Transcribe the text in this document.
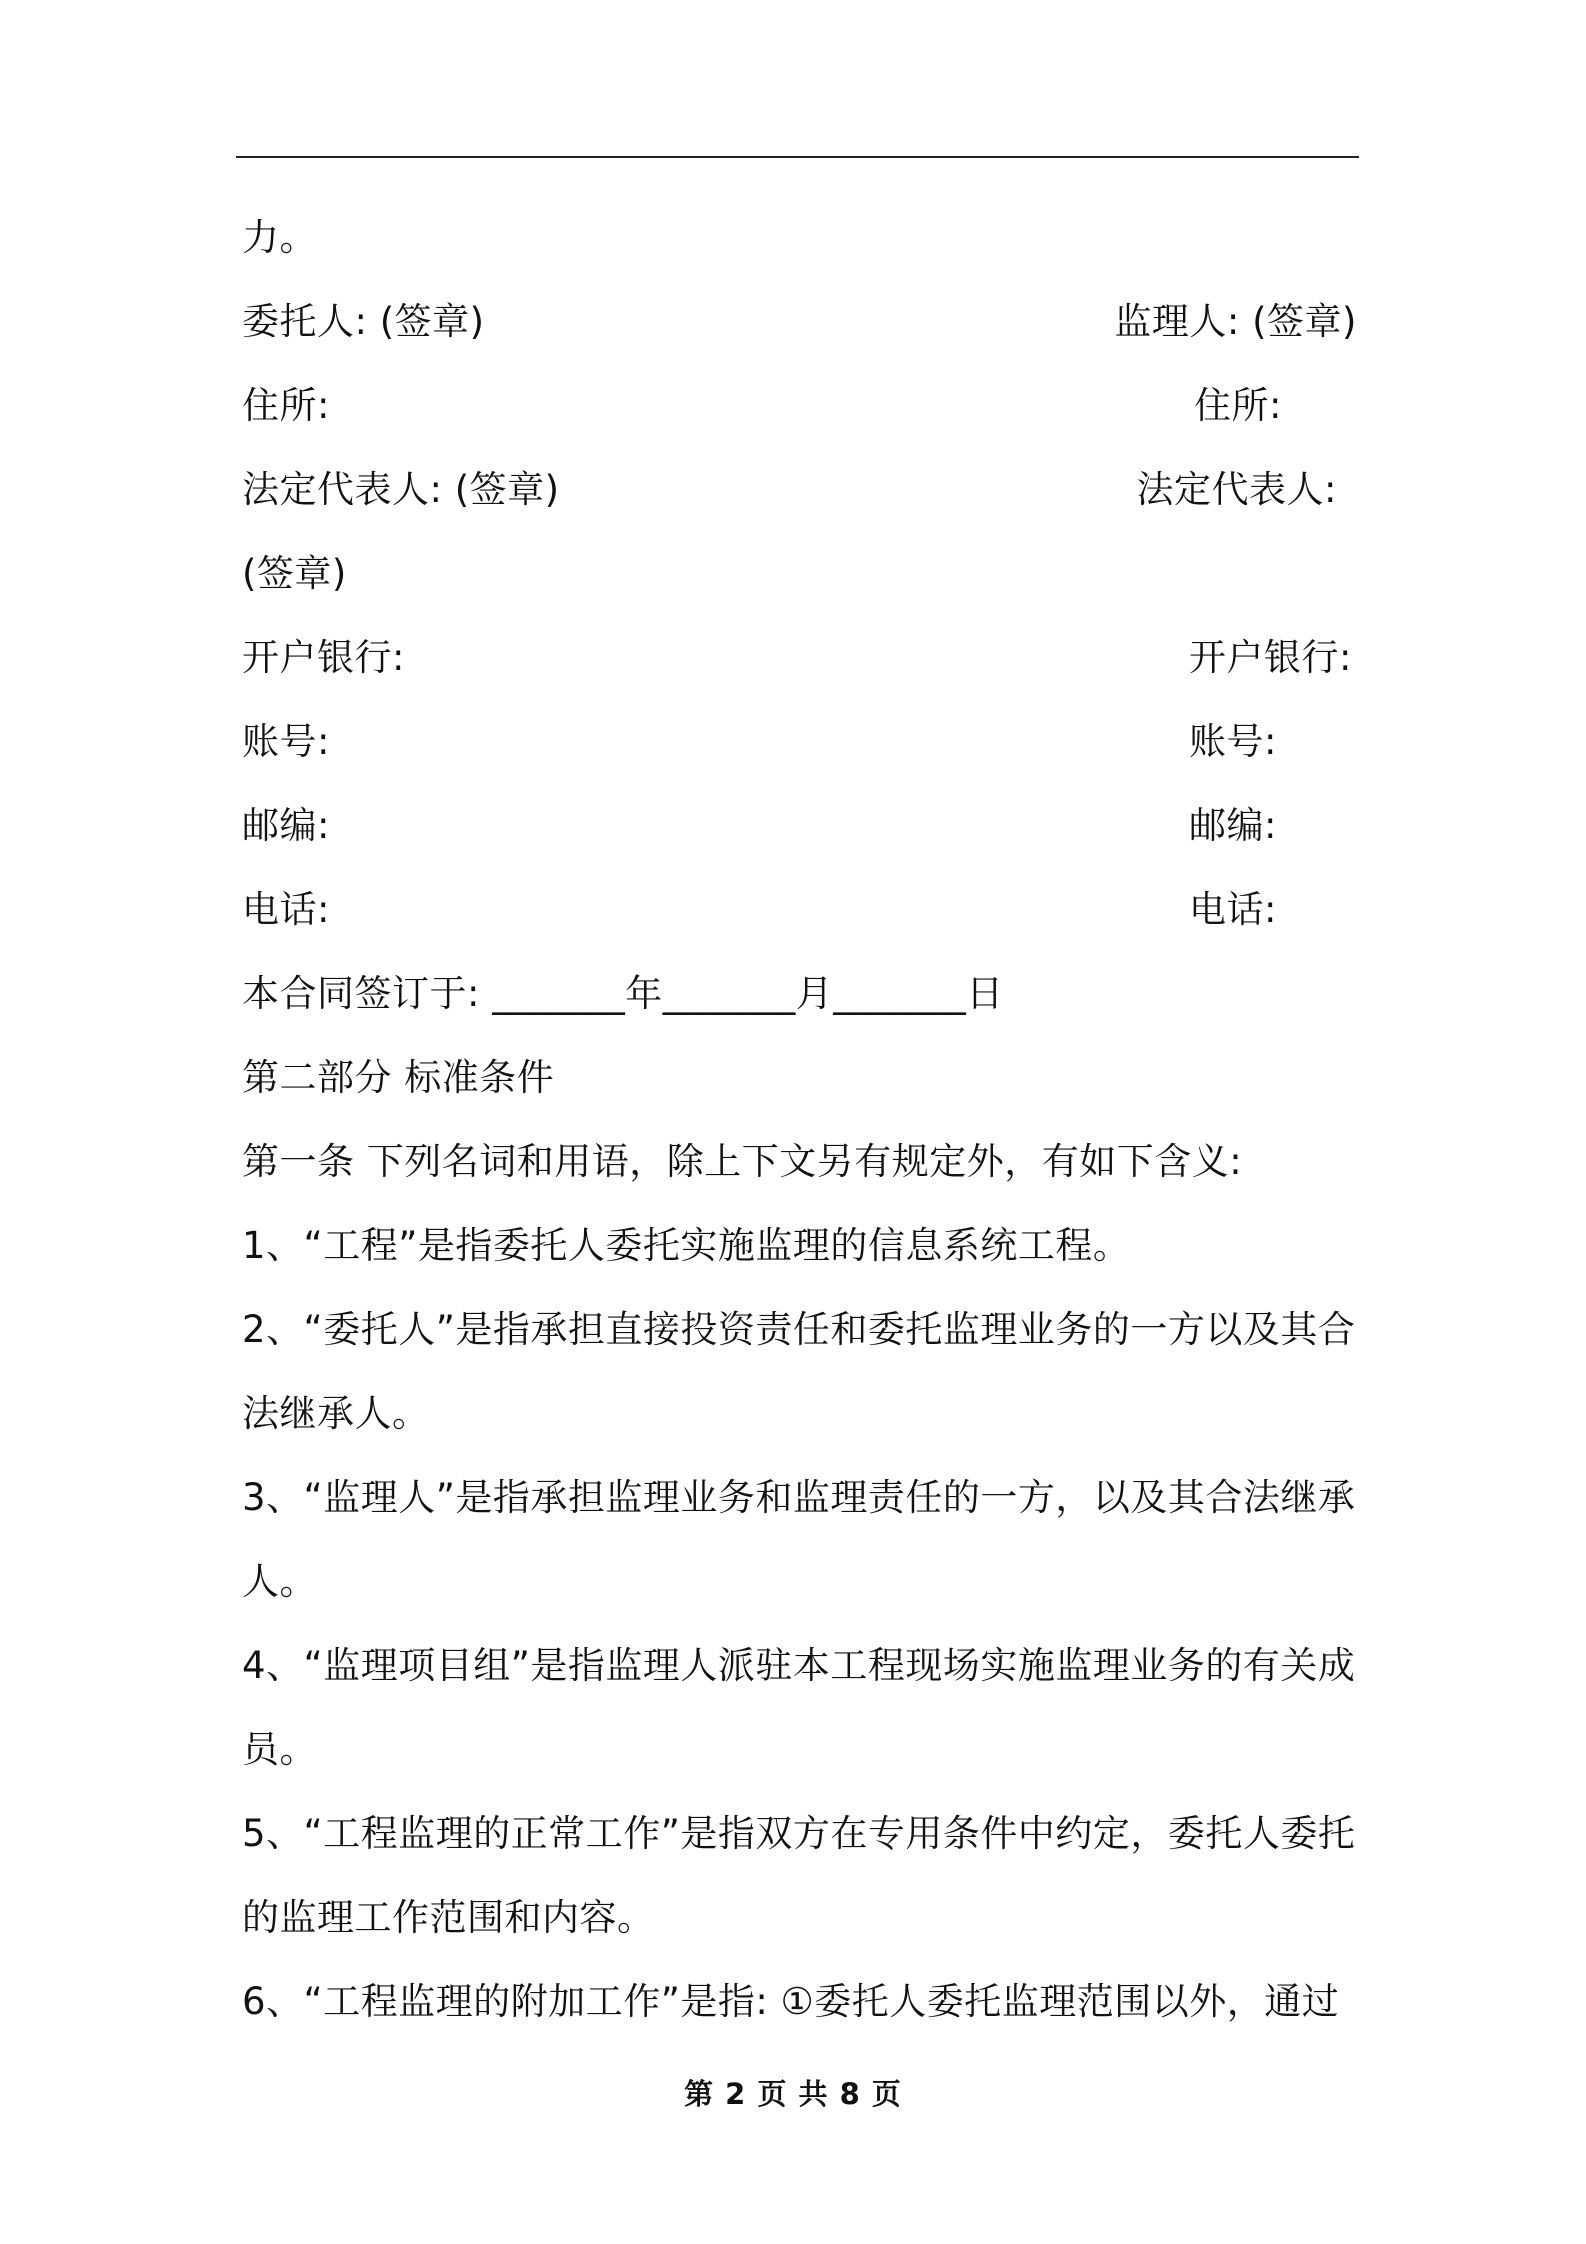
力。
委托人: (签章)	监理人: (签章)
住所:	住所:
法定代表人: (签章)	法定代表人:
(签章)
开户银行:	开户银行:
账号:	账号:
邮编:	邮编:
电话:	电话:
本合同签订于: _______年_______月_______日
第二部分 标准条件
第一条 下列名词和用语，除上下文另有规定外，有如下含义:
1、“工程”是指委托人委托实施监理的信息系统工程。
2、“委托人”是指承担直接投资责任和委托监理业务的一方以及其合
法继承人。
3、“监理人”是指承担监理业务和监理责任的一方，以及其合法继承
人。
4、“监理项目组”是指监理人派驻本工程现场实施监理业务的有关成
员。
5、“工程监理的正常工作”是指双方在专用条件中约定，委托人委托
的监理工作范围和内容。
6、“工程监理的附加工作”是指: ①委托人委托监理范围以外，通过
第 2 页 共 8 页
